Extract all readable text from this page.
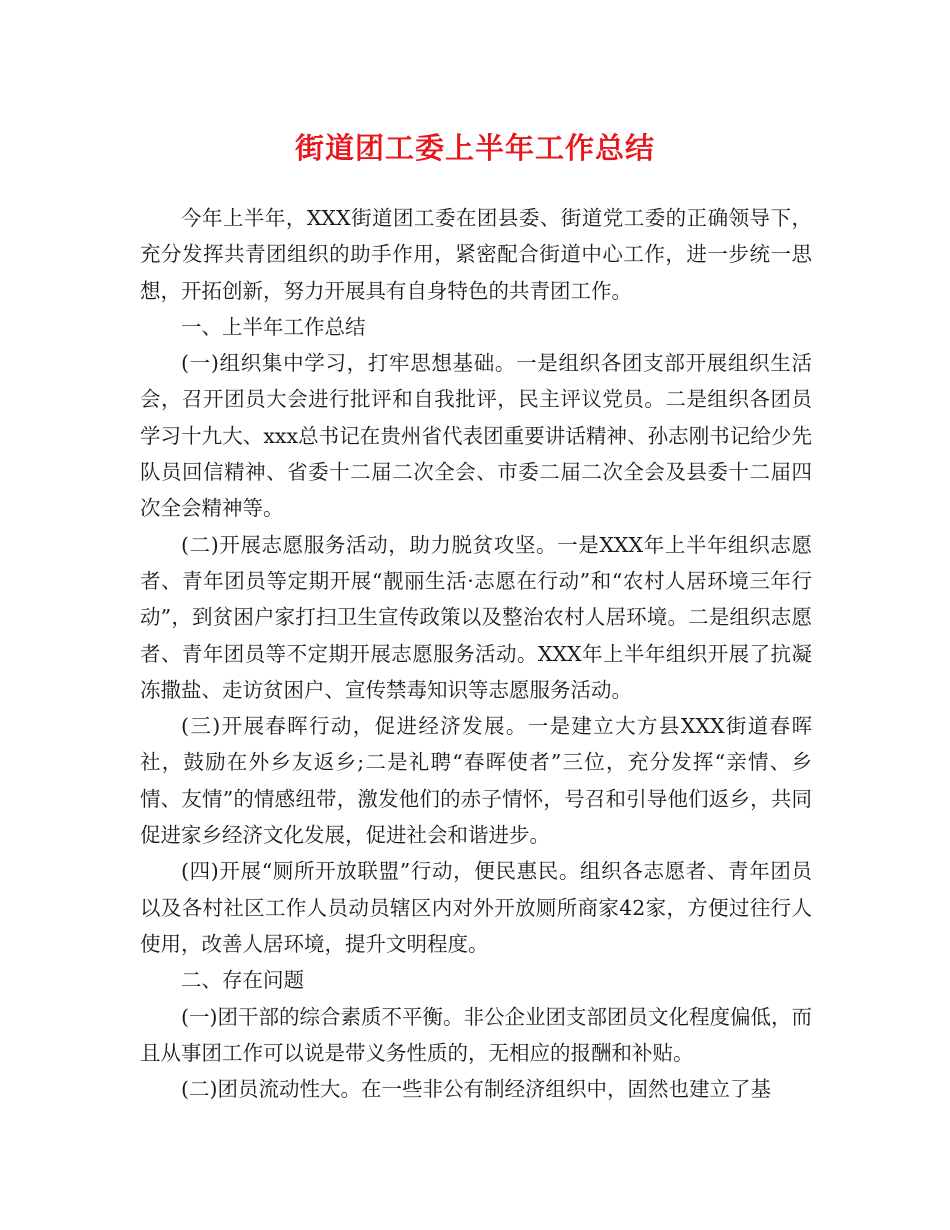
街道团工委上半年工作总结

今年上半年，XXX街道团工委在团县委、街道党工委的正确领导下，充分发挥共青团组织的助手作用，紧密配合街道中心工作，进一步统一思想，开拓创新，努力开展具有自身特色的共青团工作。

一、上半年工作总结

(一)组织集中学习，打牢思想基础。一是组织各团支部开展组织生活会，召开团员大会进行批评和自我批评，民主评议党员。二是组织各团员学习十九大、xxx总书记在贵州省代表团重要讲话精神、孙志刚书记给少先队员回信精神、省委十二届二次全会、市委二届二次全会及县委十二届四次全会精神等。

(二)开展志愿服务活动，助力脱贫攻坚。一是XXX年上半年组织志愿者、青年团员等定期开展“靓丽生活·志愿在行动”和“农村人居环境三年行动”，到贫困户家打扫卫生宣传政策以及整治农村人居环境。二是组织志愿者、青年团员等不定期开展志愿服务活动。XXX年上半年组织开展了抗凝冻撒盐、走访贫困户、宣传禁毒知识等志愿服务活动。

(三)开展春晖行动，促进经济发展。一是建立大方县XXX街道春晖社，鼓励在外乡友返乡;二是礼聘“春晖使者”三位，充分发挥“亲情、乡情、友情”的情感纽带，激发他们的赤子情怀，号召和引导他们返乡，共同促进家乡经济文化发展，促进社会和谐进步。

(四)开展“厕所开放联盟”行动，便民惠民。组织各志愿者、青年团员以及各村社区工作人员动员辖区内对外开放厕所商家42家，方便过往行人使用，改善人居环境，提升文明程度。

二、存在问题

(一)团干部的综合素质不平衡。非公企业团支部团员文化程度偏低，而且从事团工作可以说是带义务性质的，无相应的报酬和补贴。

(二)团员流动性大。在一些非公有制经济组织中，固然也建立了基
